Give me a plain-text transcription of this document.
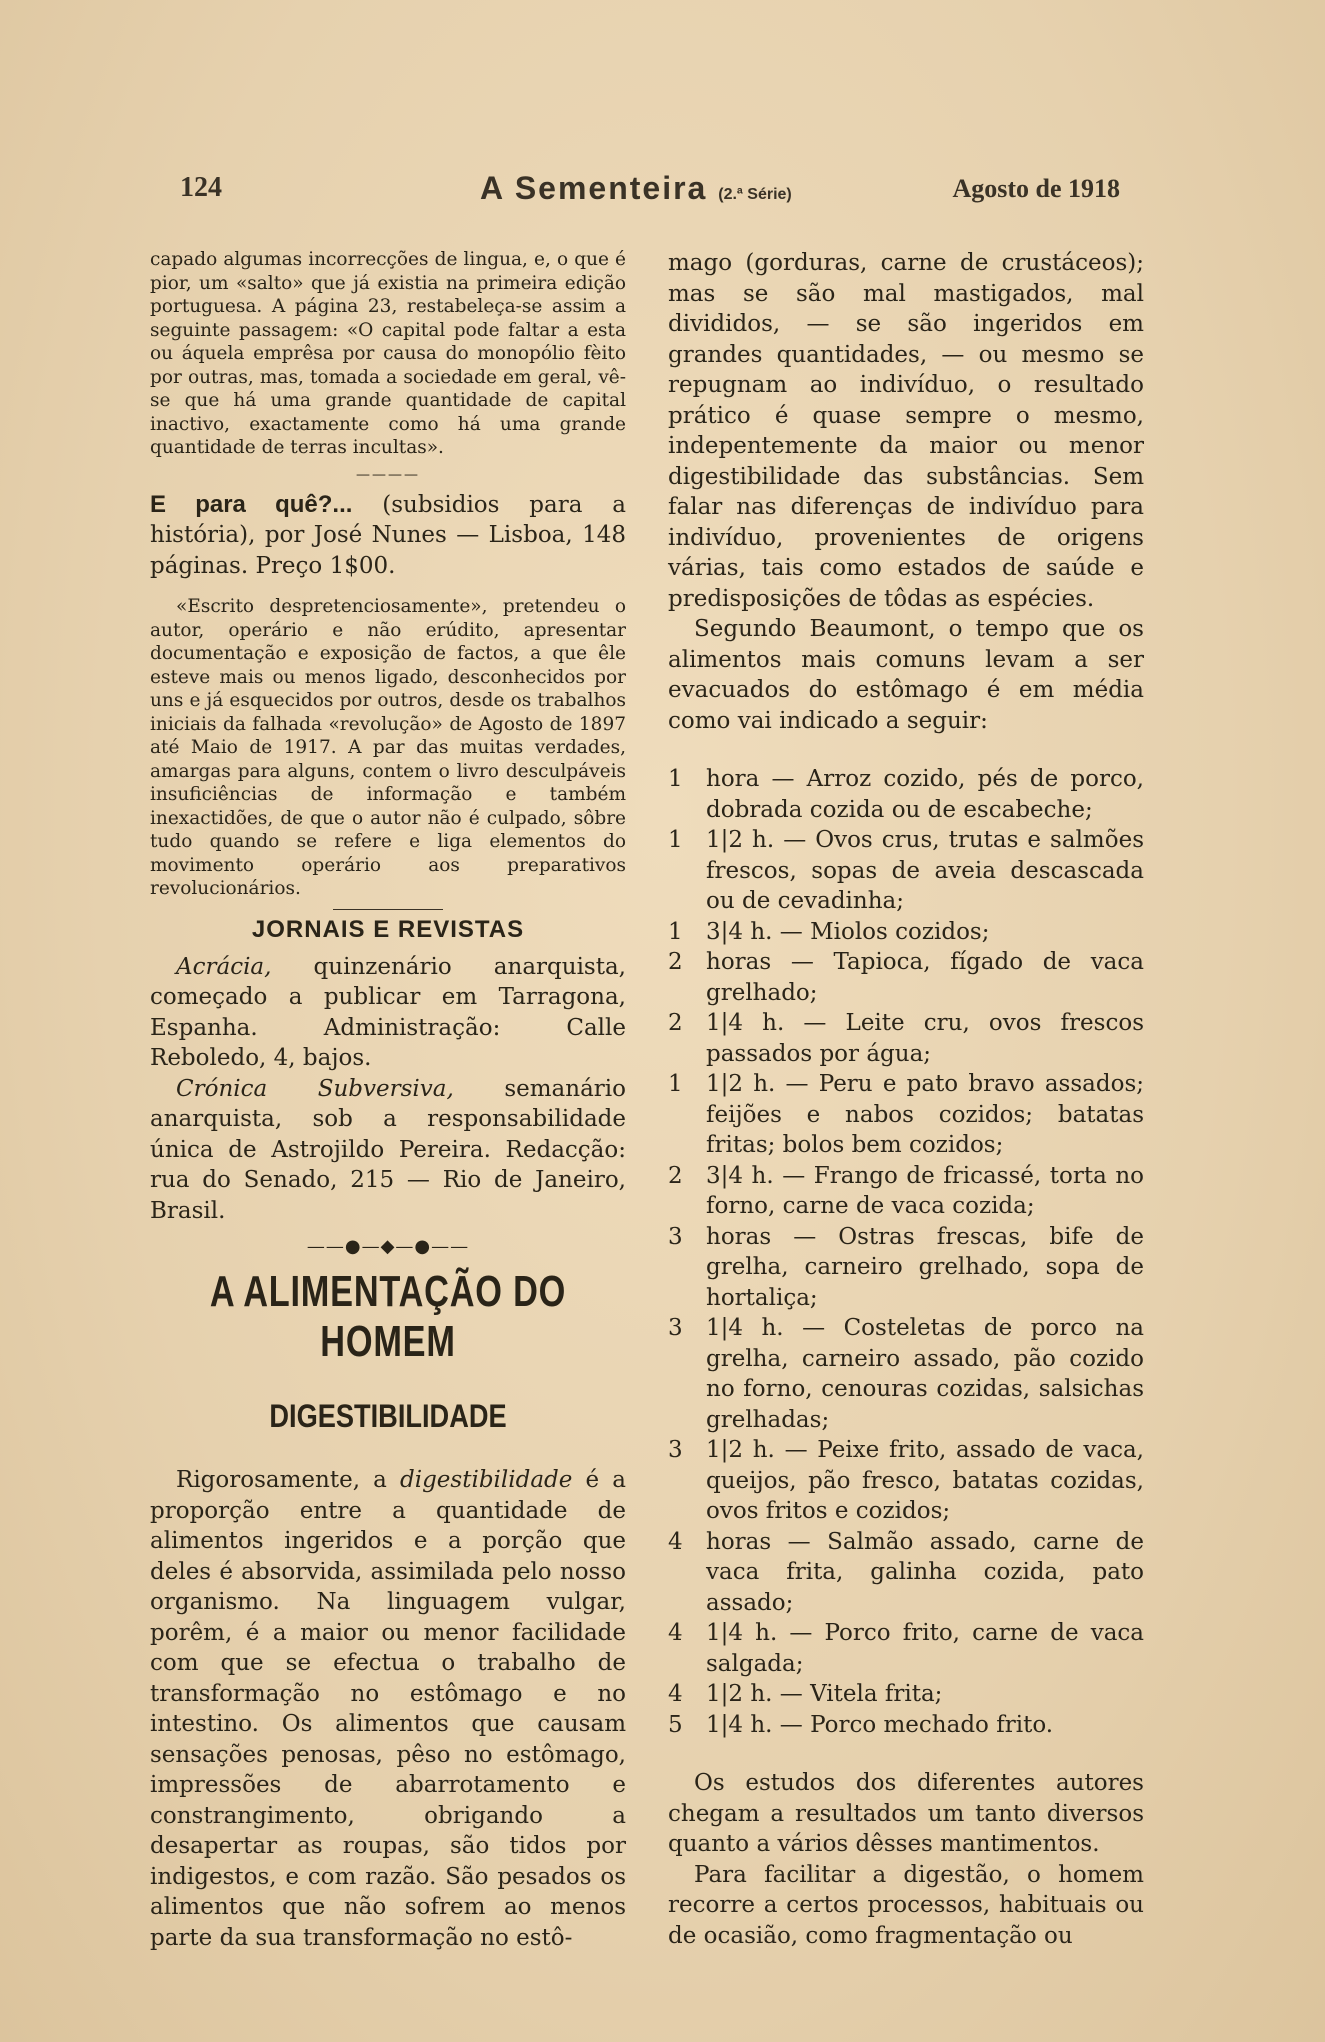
124	A Sementeira (2.ª Série)	Agosto de 1918

capado algumas incorrecções de lingua, e, o que é pior, um «salto» que já existia na primeira edição portuguesa. A página 23, restabeleça-se assim a seguinte passagem: «O capital pode faltar a esta ou áquela emprêsa por causa do monopólio fèito por outras, mas, tomada a sociedade em geral, vê-se que há uma grande quantidade de capital inactivo, exactamente como há uma grande quantidade de terras incultas».

————

E para quê?... (subsidios para a história), por José Nunes — Lisboa, 148 páginas. Preço 1$00.

«Escrito despretenciosamente», pretendeu o autor, operário e não erúdito, apresentar documentação e exposição de factos, a que êle esteve mais ou menos ligado, desconhecidos por uns e já esquecidos por outros, desde os trabalhos iniciais da falhada «revolução» de Agosto de 1897 até Maio de 1917. A par das muitas verdades, amargas para alguns, contem o livro desculpáveis insuficiências de informação e também inexactidões, de que o autor não é culpado, sôbre tudo quando se refere e liga elementos do movimento operário aos preparativos revolucionários.

JORNAIS E REVISTAS

Acrácia, quinzenário anarquista, começado a publicar em Tarragona, Espanha. Administração: Calle Reboledo, 4, bajos.

Crónica Subversiva, semanário anarquista, sob a responsabilidade única de Astrojildo Pereira. Redacção: rua do Senado, 215 — Rio de Janeiro, Brasil.

——●—◆—●——
A ALIMENTAÇÃO DO HOMEM
DIGESTIBILIDADE

Rigorosamente, a digestibilidade é a proporção entre a quantidade de alimentos ingeridos e a porção que deles é absorvida, assimilada pelo nosso organismo. Na linguagem vulgar, porêm, é a maior ou menor facilidade com que se efectua o trabalho de transformação no estômago e no intestino. Os alimentos que causam sensações penosas, pêso no estômago, impressões de abarrotamento e constrangimento, obrigando a desapertar as roupas, são tidos por indigestos, e com razão. São pesados os alimentos que não sofrem ao menos parte da sua transformação no estô-

mago (gorduras, carne de crustáceos); mas se são mal mastigados, mal divididos, — se são ingeridos em grandes quantidades, — ou mesmo se repugnam ao indivíduo, o resultado prático é quase sempre o mesmo, indepentemente da maior ou menor digestibilidade das substâncias. Sem falar nas diferenças de indivíduo para indivíduo, provenientes de origens várias, tais como estados de saúde e predisposições de tôdas as espécies.

Segundo Beaumont, o tempo que os alimentos mais comuns levam a ser evacuados do estômago é em média como vai indicado a seguir:

1	hora — Arroz cozido, pés de porco, dobrada cozida ou de escabeche;
1	1|2 h. — Ovos crus, trutas e salmões frescos, sopas de aveia descascada ou de cevadinha;
1	3|4 h. — Miolos cozidos;
2	horas — Tapioca, fígado de vaca grelhado;
2	1|4 h. — Leite cru, ovos frescos passados por água;
1	1|2 h. — Peru e pato bravo assados; feijões e nabos cozidos; batatas fritas; bolos bem cozidos;
2	3|4 h. — Frango de fricassé, torta no forno, carne de vaca cozida;
3	horas — Ostras frescas, bife de grelha, carneiro grelhado, sopa de hortaliça;
3	1|4 h. — Costeletas de porco na grelha, carneiro assado, pão cozido no forno, cenouras cozidas, salsichas grelhadas;
3	1|2 h. — Peixe frito, assado de vaca, queijos, pão fresco, batatas cozidas, ovos fritos e cozidos;
4	horas — Salmão assado, carne de vaca frita, galinha cozida, pato assado;
4	1|4 h. — Porco frito, carne de vaca salgada;
4	1|2 h. — Vitela frita;
5	1|4 h. — Porco mechado frito.

Os estudos dos diferentes autores chegam a resultados um tanto diversos quanto a vários dêsses mantimentos.

Para facilitar a digestão, o homem recorre a certos processos, habituais ou de ocasião, como fragmentação ou
